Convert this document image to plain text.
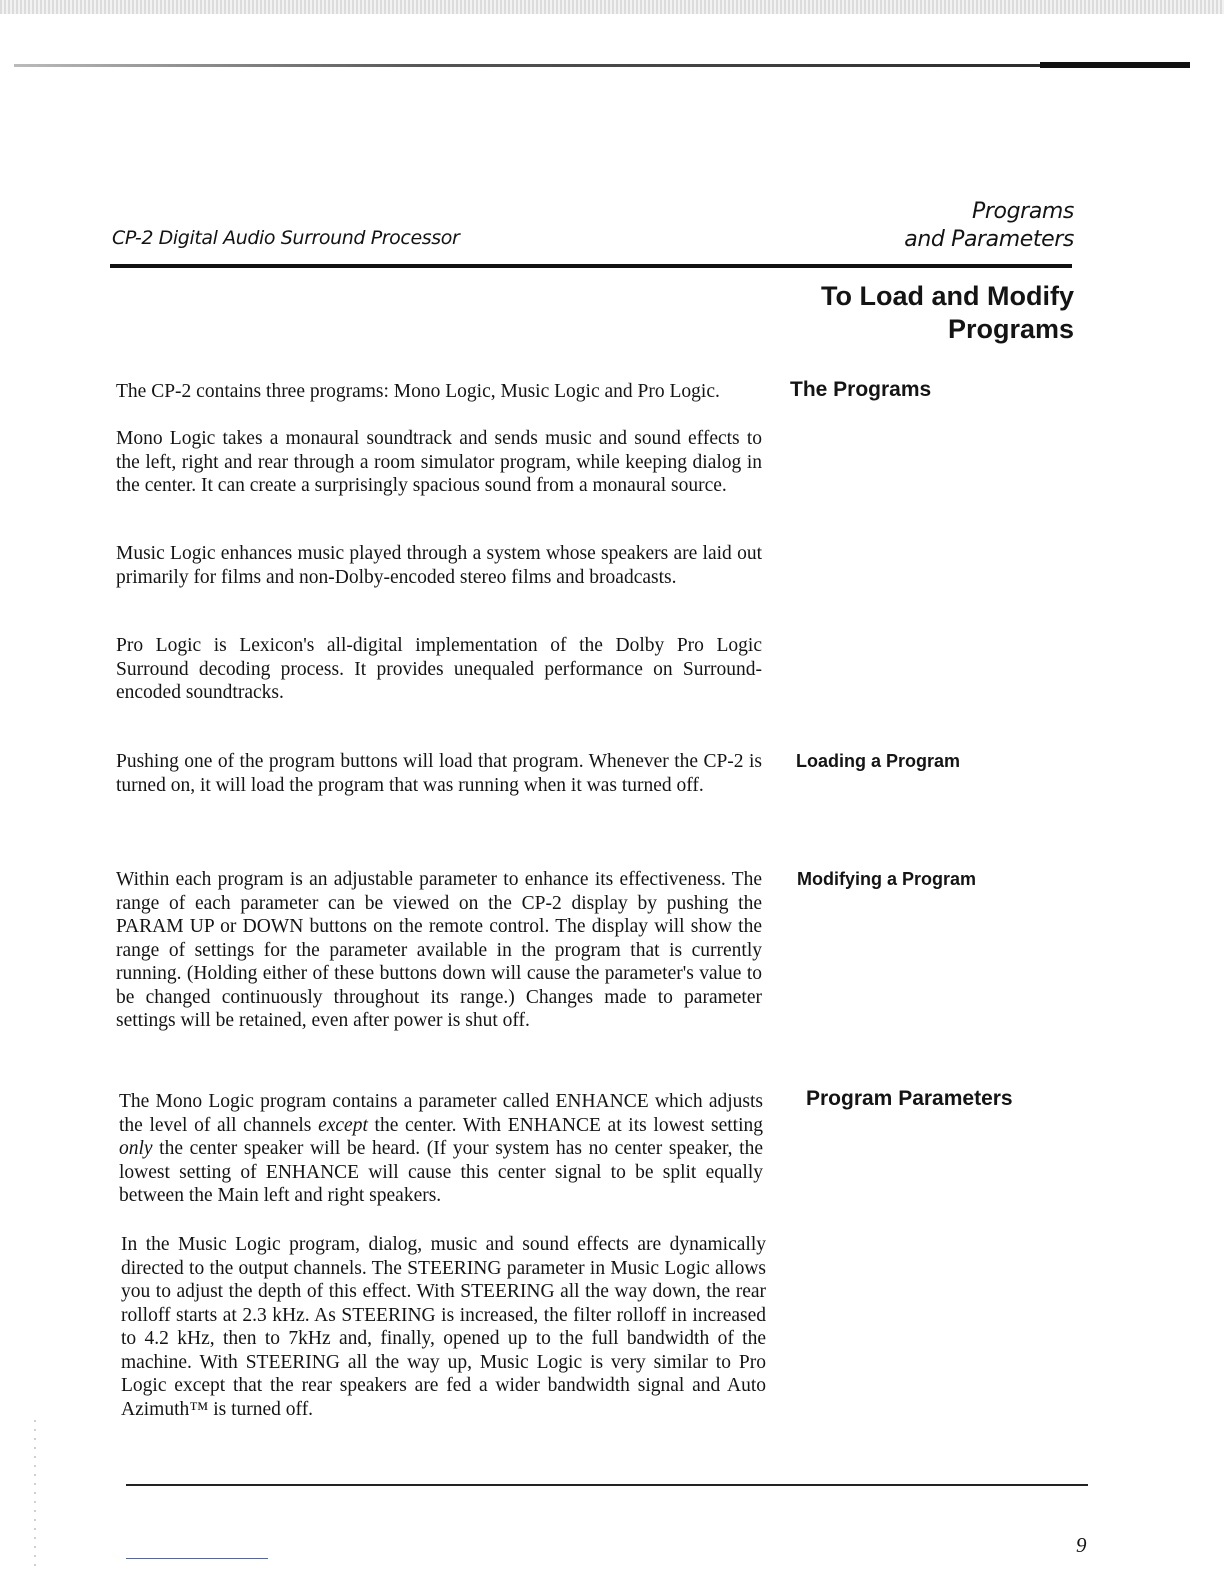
CP-2 Digital Audio Surround Processor
Programs
and Parameters
To Load and Modify
Programs

The CP-2 contains three programs: Mono Logic, Music Logic and Pro Logic.	The Programs

Mono Logic takes a monaural soundtrack and sends music and sound effects to the left, right and rear through a room simulator program, while keeping dialog in the center. It can create a surprisingly spacious sound from a monaural source.

Music Logic enhances music played through a system whose speakers are laid out primarily for films and non-Dolby-encoded stereo films and broadcasts.

Pro Logic is Lexicon's all-digital implementation of the Dolby Pro Logic Surround decoding process. It provides unequaled performance on Surround-encoded soundtracks.

Pushing one of the program buttons will load that program. Whenever the CP-2 is turned on, it will load the program that was running when it was turned off.

Loading a Program

Within each program is an adjustable parameter to enhance its effectiveness. The range of each parameter can be viewed on the CP-2 display by pushing the PARAM UP or DOWN buttons on the remote control. The display will show the range of settings for the parameter available in the program that is currently running. (Holding either of these buttons down will cause the parameter's value to be changed continuously throughout its range.) Changes made to parameter settings will be retained, even after power is shut off.

Modifying a Program

The Mono Logic program contains a parameter called ENHANCE which adjusts the level of all channels except the center. With ENHANCE at its lowest setting only the center speaker will be heard. (If your system has no center speaker, the lowest setting of ENHANCE will cause this center signal to be split equally between the Main left and right speakers.

Program Parameters

In the Music Logic program, dialog, music and sound effects are dynamically directed to the output channels. The STEERING parameter in Music Logic allows you to adjust the depth of this effect. With STEERING all the way down, the rear rolloff starts at 2.3 kHz. As STEERING is increased, the filter rolloff in increased to 4.2 kHz, then to 7kHz and, finally, opened up to the full bandwidth of the machine. With STEERING all the way up, Music Logic is very similar to Pro Logic except that the rear speakers are fed a wider bandwidth signal and Auto Azimuth™ is turned off.

9
